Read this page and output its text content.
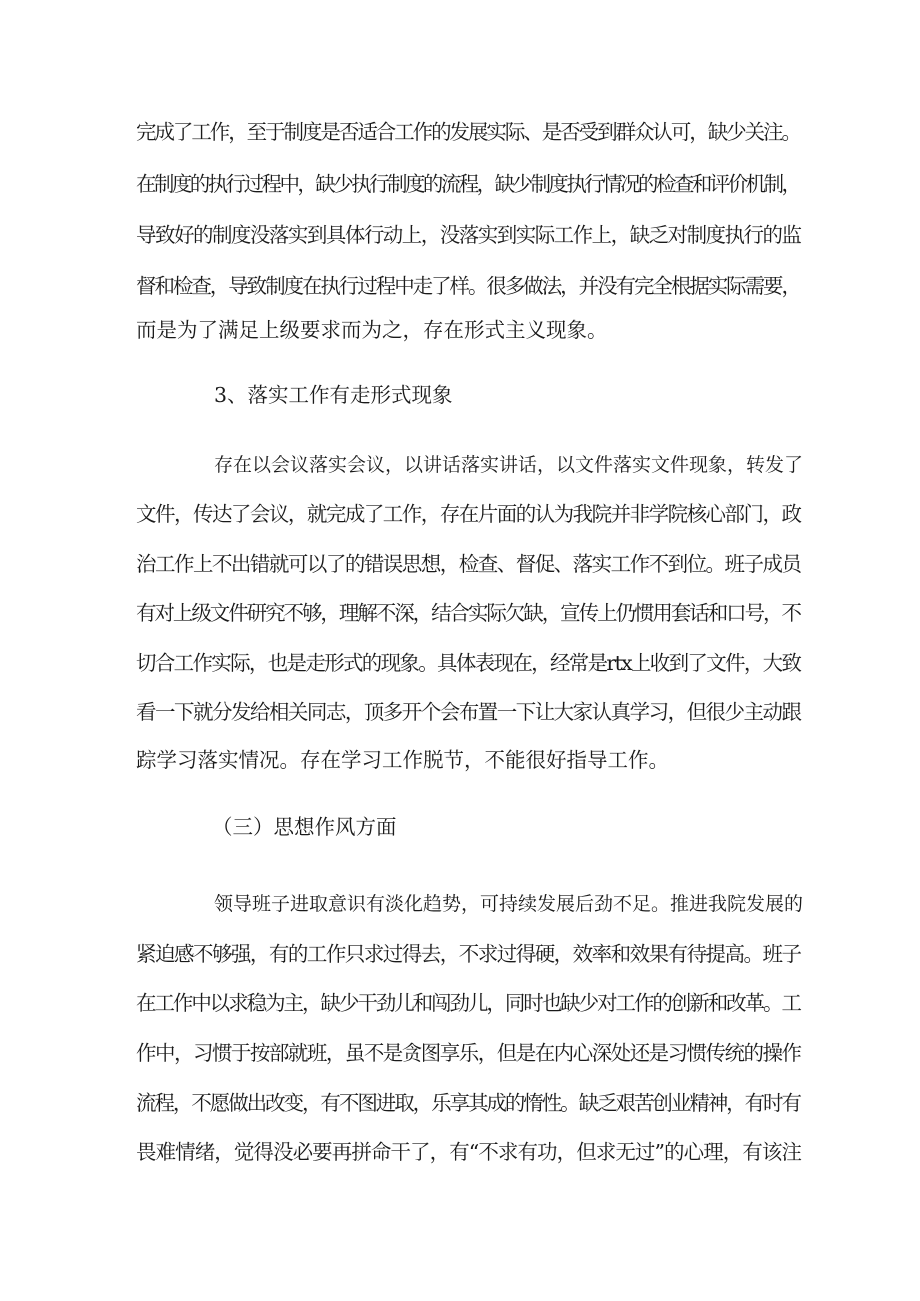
完成了工作，至于制度是否适合工作的发展实际、是否受到群众认可，缺少关注。
在制度的执行过程中，缺少执行制度的流程，缺少制度执行情况的检查和评价机制，
导致好的制度没落实到具体行动上，没落实到实际工作上，缺乏对制度执行的监
督和检查，导致制度在执行过程中走了样。很多做法，并没有完全根据实际需要，
而是为了满足上级要求而为之，存在形式主义现象。
3、落实工作有走形式现象
存在以会议落实会议，以讲话落实讲话，以文件落实文件现象，转发了
文件，传达了会议，就完成了工作，存在片面的认为我院并非学院核心部门，政
治工作上不出错就可以了的错误思想，检查、督促、落实工作不到位。班子成员
有对上级文件研究不够，理解不深，结合实际欠缺，宣传上仍惯用套话和口号，不
切合工作实际，也是走形式的现象。具体表现在，经常是rtx上收到了文件，大致
看一下就分发给相关同志，顶多开个会布置一下让大家认真学习，但很少主动跟
踪学习落实情况。存在学习工作脱节，不能很好指导工作。
（三）思想作风方面
领导班子进取意识有淡化趋势，可持续发展后劲不足。推进我院发展的
紧迫感不够强，有的工作只求过得去，不求过得硬，效率和效果有待提高。班子
在工作中以求稳为主，缺少干劲儿和闯劲儿，同时也缺少对工作的创新和改革。工
作中，习惯于按部就班，虽不是贪图享乐，但是在内心深处还是习惯传统的操作
流程，不愿做出改变，有不图进取，乐享其成的惰性。缺乏艰苦创业精神，有时有
畏难情绪，觉得没必要再拼命干了，有“不求有功，但求无过”的心理，有该注
